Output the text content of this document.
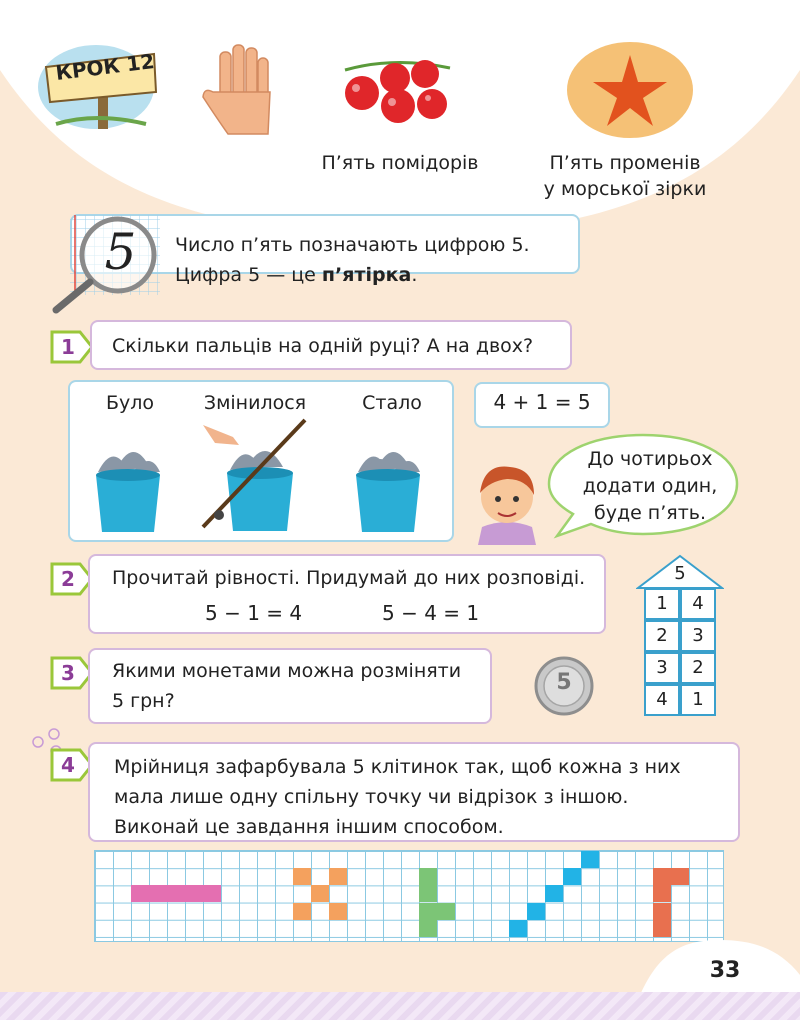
КРОК 12
П’ять помідорів	П’ять променів
у морської зірки
5	Число п’ять позначають цифрою 5.
Цифра 5 — це п’ятірка.
1	Скільки пальців на одній руці? А на двох?
Було	Змінилося	Стало	4 + 1 = 5
До чотирьох
додати один,
буде п’ять.
2	Прочитай рівності. Придумай до них розповіді.
5 − 1 = 4	5 − 4 = 1
5
1	4
2	3
3	2
4	1
3	Якими монетами можна розміняти
5 грн?
5
4	Мрійниця зафарбувала 5 клітинок так, щоб кожна з них
мала лише одну спільну точку чи відрізок з іншою.
Виконай це завдання іншим способом.
33
